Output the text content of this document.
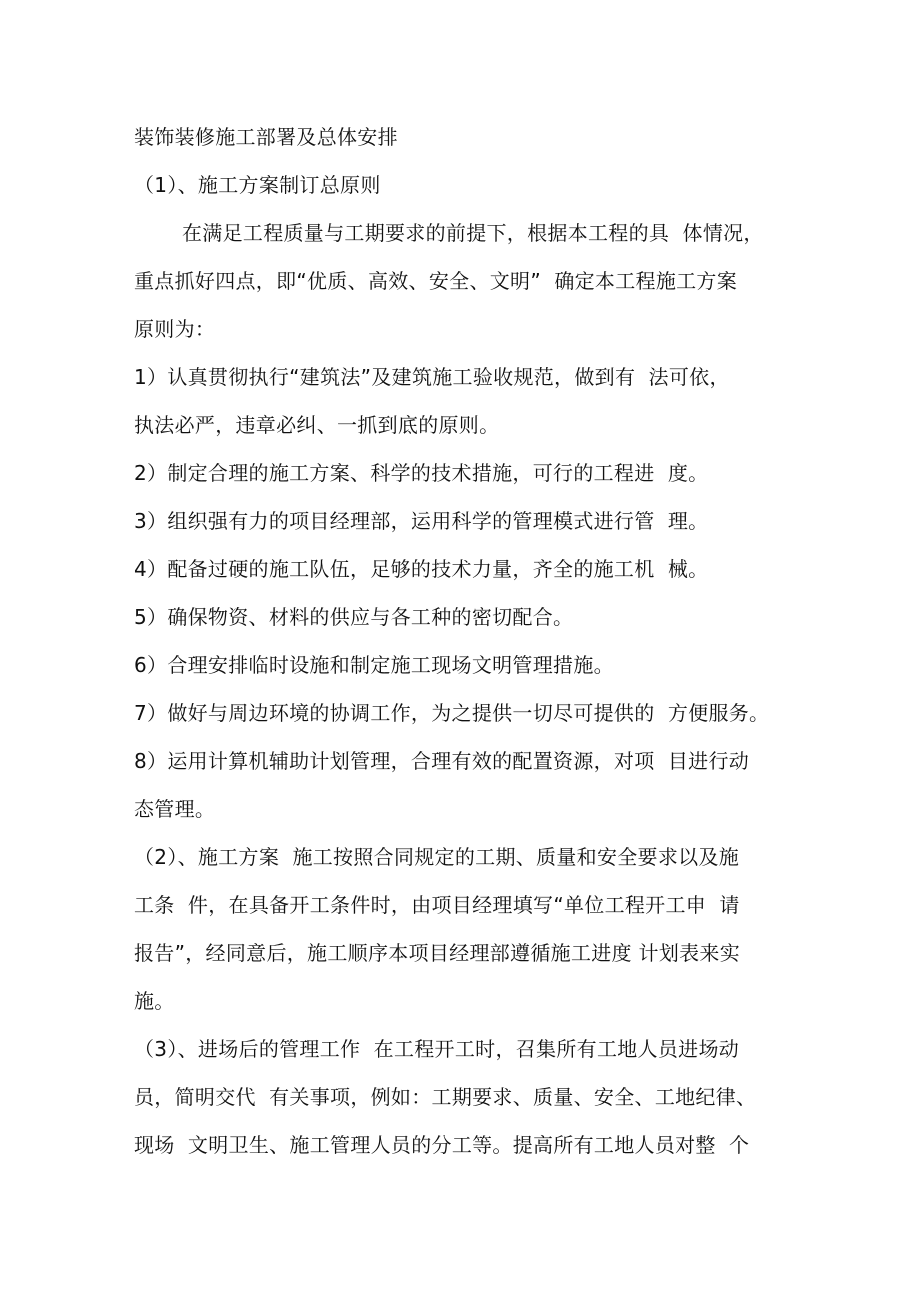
装饰装修施工部署及总体安排
（1）、施工方案制订总原则
在满足工程质量与工期要求的前提下，根据本工程的具  体情况，
重点抓好四点，即“优质、高效、安全、文明”  确定本工程施工方案
原则为：
1）认真贯彻执行“建筑法”及建筑施工验收规范，做到有  法可依，
执法必严，违章必纠、一抓到底的原则。
2）制定合理的施工方案、科学的技术措施，可行的工程进  度。
3）组织强有力的项目经理部，运用科学的管理模式进行管  理。
4）配备过硬的施工队伍，足够的技术力量，齐全的施工机  械。
5）确保物资、材料的供应与各工种的密切配合。
6）合理安排临时设施和制定施工现场文明管理措施。
7）做好与周边环境的协调工作，为之提供一切尽可提供的  方便服务。
8）运用计算机辅助计划管理，合理有效的配置资源，对项  目进行动
态管理。
（2）、施工方案  施工按照合同规定的工期、质量和安全要求以及施
工条  件，在具备开工条件时，由项目经理填写“单位工程开工申  请
报告”，经同意后，施工顺序本项目经理部遵循施工进度 计划表来实
施。
（3）、进场后的管理工作  在工程开工时，召集所有工地人员进场动
员，简明交代  有关事项，例如：工期要求、质量、安全、工地纪律、
现场  文明卫生、施工管理人员的分工等。提高所有工地人员对整  个
